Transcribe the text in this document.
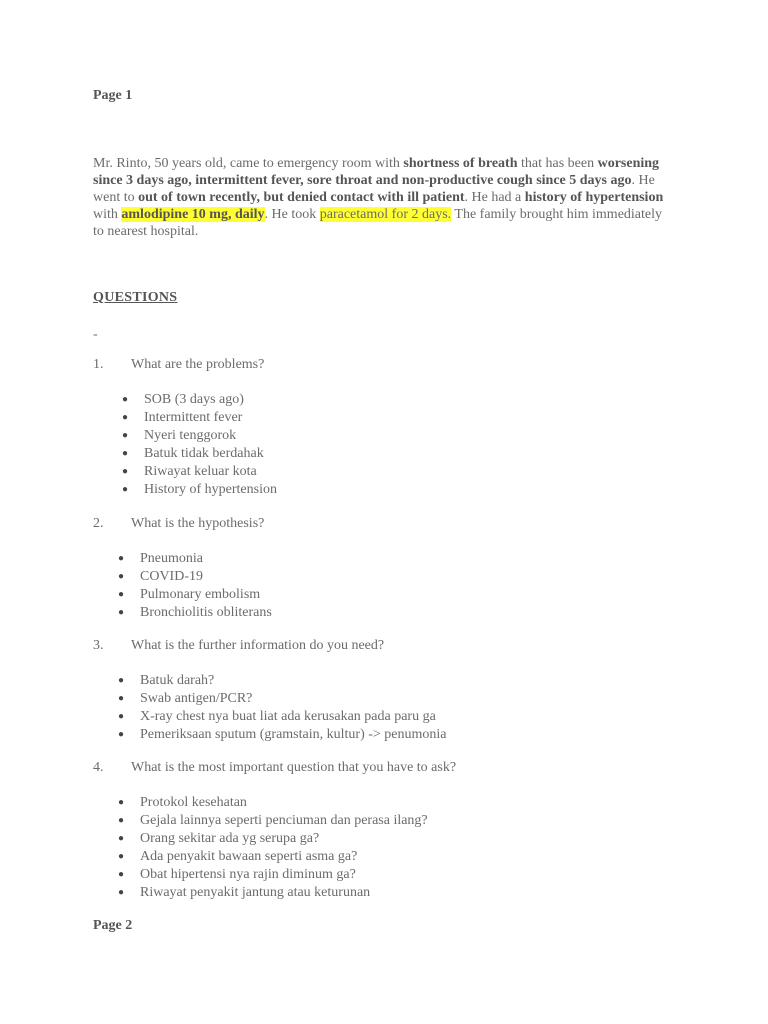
Page 1

Mr. Rinto, 50 years old, came to emergency room with shortness of breath that has been worsening since 3 days ago, intermittent fever, sore throat and non-productive cough since 5 days ago. He went to out of town recently, but denied contact with ill patient. He had a history of hypertension with amlodipine 10 mg, daily. He took paracetamol for 2 days. The family brought him immediately to nearest hospital.

QUESTIONS
-
1. What are the problems?
● SOB (3 days ago)
● Intermittent fever
● Nyeri tenggorok
● Batuk tidak berdahak
● Riwayat keluar kota
● History of hypertension
2. What is the hypothesis?
● Pneumonia
● COVID-19
● Pulmonary embolism
● Bronchiolitis obliterans
3. What is the further information do you need?
● Batuk darah?
● Swab antigen/PCR?
● X-ray chest nya buat liat ada kerusakan pada paru ga
● Pemeriksaan sputum (gramstain, kultur) -> penumonia
4. What is the most important question that you have to ask?
● Protokol kesehatan
● Gejala lainnya seperti penciuman dan perasa ilang?
● Orang sekitar ada yg serupa ga?
● Ada penyakit bawaan seperti asma ga?
● Obat hipertensi nya rajin diminum ga?
● Riwayat penyakit jantung atau keturunan
Page 2
